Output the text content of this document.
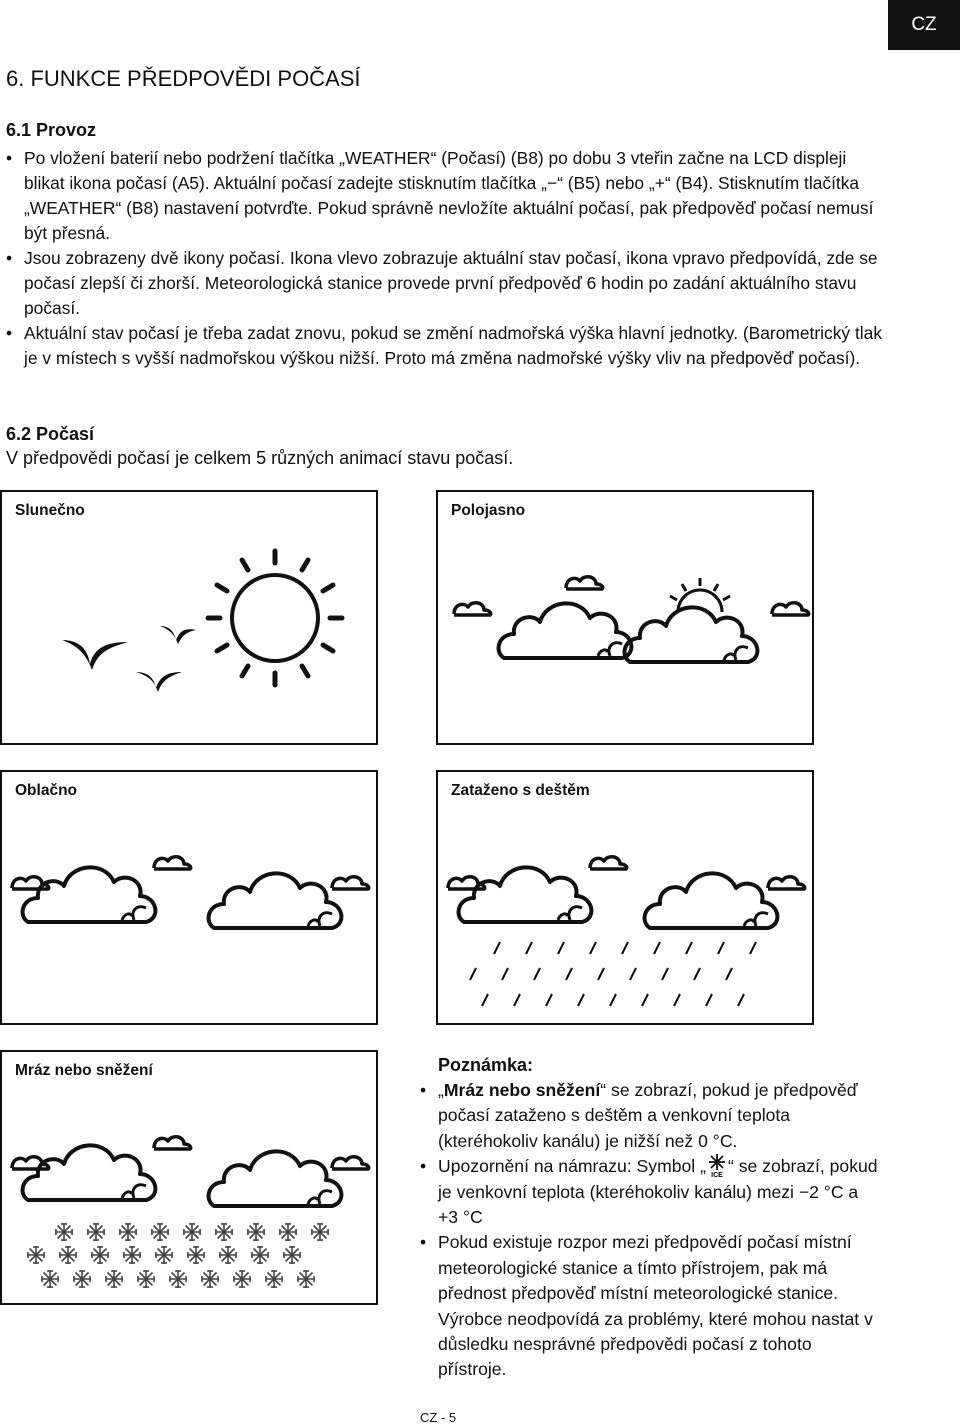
CZ
6. FUNKCE PŘEDPOVĚDI POČASÍ
6.1 Provoz
• Po vložení baterií nebo podržení tlačítka „WEATHER“ (Počasí) (B8) po dobu 3 vteřin začne na LCD displeji blikat ikona počasí (A5). Aktuální počasí zadejte stisknutím tlačítka „−“ (B5) nebo „+“ (B4). Stisknutím tlačítka „WEATHER“ (B8) nastavení potvrďte. Pokud správně nevložíte aktuální počasí, pak předpověď počasí nemusí být přesná.
• Jsou zobrazeny dvě ikony počasí. Ikona vlevo zobrazuje aktuální stav počasí, ikona vpravo předpovídá, zde se počasí zlepší či zhorší. Meteorologická stanice provede první předpověď 6 hodin po zadání aktuálního stavu počasí.
• Aktuální stav počasí je třeba zadat znovu, pokud se změní nadmořská výška hlavní jednotky. (Barometrický tlak je v místech s vyšší nadmořskou výškou nižší. Proto má změna nadmořské výšky vliv na předpověď počasí).
6.2 Počasí
V předpovědi počasí je celkem 5 různých animací stavu počasí.
Slunečno	Polojasno
Oblačno	Zataženo s deštěm
Mráz nebo sněžení	Poznámka:
• „Mráz nebo sněžení“ se zobrazí, pokud je předpověď počasí zataženo s deštěm a venkovní teplota (kteréhokoliv kanálu) je nižší než 0 °C.
• Upozornění na námrazu: Symbol „ ICE “ se zobrazí, pokud je venkovní teplota (kteréhokoliv kanálu) mezi −2 °C a +3 °C
• Pokud existuje rozpor mezi předpovědí počasí místní meteorologické stanice a tímto přístrojem, pak má přednost předpověď místní meteorologické stanice. Výrobce neodpovídá za problémy, které mohou nastat v důsledku nesprávné předpovědi počasí z tohoto přístroje.
CZ - 5
